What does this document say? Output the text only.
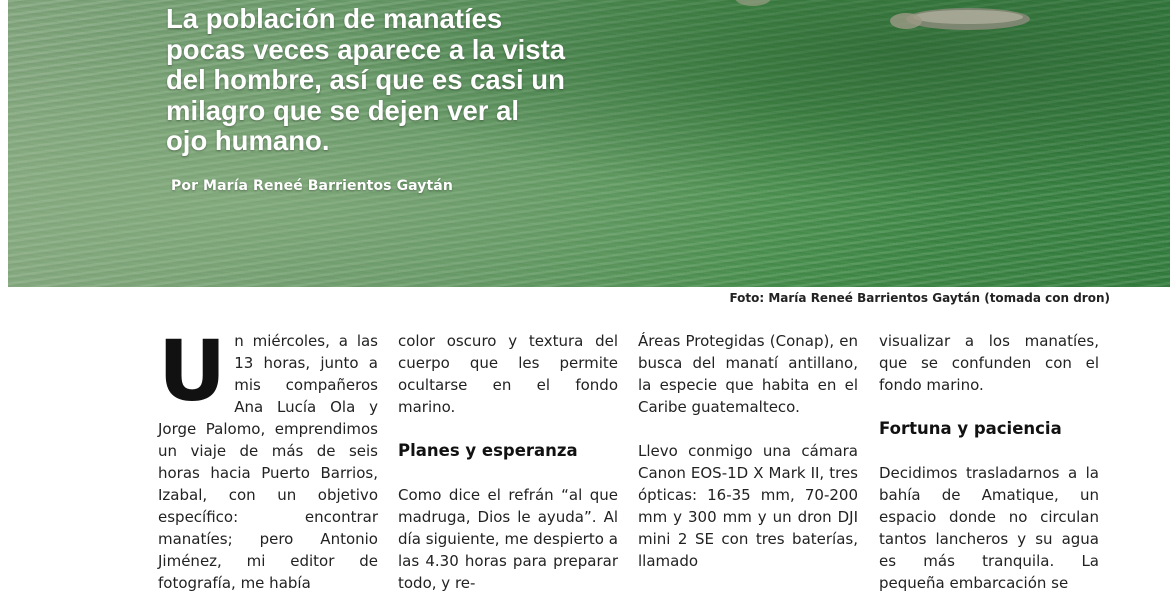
La población de manatíes pocas veces aparece a la vista del hombre, así que es casi un milagro que se dejen ver al ojo humano.

Por María Reneé Barrientos Gaytán

Foto: María Reneé Barrientos Gaytán (tomada con dron)

U n miércoles, a las 13 horas, junto a mis compañeros Ana Lucía Ola y Jorge Palomo, emprendimos un viaje de más de seis horas hacia Puerto Barrios, Izabal, con un objetivo específico: encontrar manatíes; pero Antonio Jiménez, mi editor de fotografía, me había

color oscuro y textura del cuerpo que les permite ocultarse en el fondo marino.

Planes y esperanza

Como dice el refrán “al que madruga, Dios le ayuda”. Al día siguiente, me despierto a las 4.30 horas para preparar todo, y re-

Áreas Protegidas (Conap), en busca del manatí antillano, la especie que habita en el Caribe guatemalteco.

Llevo conmigo una cámara Canon EOS-1D X Mark II, tres ópticas: 16-35 mm, 70-200 mm y 300 mm y un dron DJI mini 2 SE con tres baterías, llamado

visualizar a los manatíes, que se confunden con el fondo marino.

Fortuna y paciencia

Decidimos trasladarnos a la bahía de Amatique, un espacio donde no circulan tantos lancheros y su agua es más tranquila. La pequeña embarcación se
